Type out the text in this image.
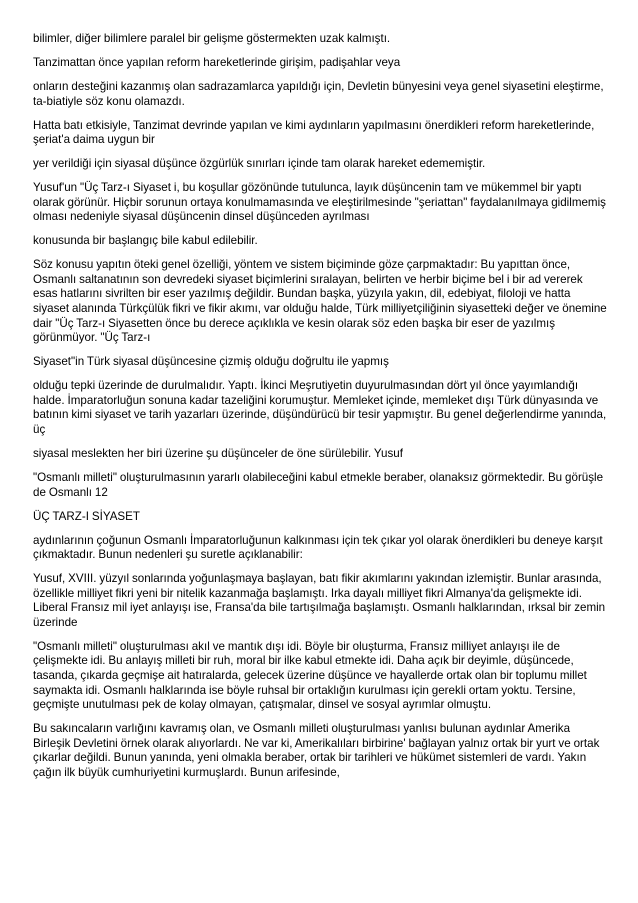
bilimler, diğer bilimlere paralel bir gelişme göstermekten uzak kalmıştı.

Tanzimattan önce yapılan reform hareketlerinde girişim, padişahlar veya

onların desteğini kazanmış olan sadrazamlarca yapıldığı için, Devletin bünyesini veya genel siyasetini eleştirme, ta-biatiyle söz konu olamazdı.

Hatta batı etkisiyle, Tanzimat devrinde yapılan ve kimi aydınların yapılmasını önerdikleri reform hareketlerinde, şeriat'a daima uygun bir

yer verildiği için siyasal düşünce özgürlük sınırları içinde tam olarak hareket edememiştir.

Yusuf'un "Üç Tarz-ı Siyaset i, bu koşullar gözönünde tutulunca, layık düşüncenin tam ve mükemmel bir yaptı olarak görünür. Hiçbir sorunun ortaya konulmamasında ve eleştirilmesinde "şeriattan" faydalanılmaya gidilmemiş olması nedeniyle siyasal düşüncenin dinsel düşünceden ayrılması

konusunda bir başlangıç bile kabul edilebilir.

Söz konusu yapıtın öteki genel özelliği, yöntem ve sistem biçiminde göze çarpmaktadır: Bu yapıttan önce, Osmanlı saltanatının son devredeki siyaset biçimlerini sıralayan, belirten ve herbir biçime bel i bir ad vererek esas hatlarını sivrilten bir eser yazılmış değildir. Bundan başka, yüzyıla yakın, dil, edebiyat, filoloji ve hatta siyaset alanında Türkçülük fikri ve fikir akımı, var olduğu halde, Türk milliyetçiliğinin siyasetteki değer ve önemine dair "Üç Tarz-ı Siyasetten önce bu derece açıklıkla ve kesin olarak söz eden başka bir eser de yazılmış görünmüyor. "Üç Tarz-ı

Siyaset"in Türk siyasal düşüncesine çizmiş olduğu doğrultu ile yapmış

olduğu tepki üzerinde de durulmalıdır. Yaptı. İkinci Meşrutiyetin duyurulmasından dört yıl önce yayımlandığı halde. İmparatorluğun sonuna kadar tazeliğini korumuştur. Memleket içinde, memleket dışı Türk dünyasında ve batının kimi siyaset ve tarih yazarları üzerinde, düşündürücü bir tesir yapmıştır. Bu genel değerlendirme yanında, üç

siyasal meslekten her biri üzerine şu düşünceler de öne sürülebilir. Yusuf

"Osmanlı milleti" oluşturulmasının yararlı olabileceğini kabul etmekle beraber, olanaksız görmektedir. Bu görüşle de Osmanlı 12

ÜÇ TARZ-I SİYASET

aydınlarının çoğunun Osmanlı İmparatorluğunun kalkınması için tek çıkar yol olarak önerdikleri bu deneye karşıt çıkmaktadır. Bunun nedenleri şu suretle açıklanabilir:

Yusuf, XVIII. yüzyıl sonlarında yoğunlaşmaya başlayan, batı fikir akımlarını yakından izlemiştir. Bunlar arasında, özellikle milliyet fikri yeni bir nitelik kazanmağa başlamıştı. Irka dayalı milliyet fikri Almanya'da gelişmekte idi. Liberal Fransız mil iyet anlayışı ise, Fransa'da bile tartışılmağa başlamıştı. Osmanlı halklarından, ırksal bir zemin üzerinde

"Osmanlı milleti" oluşturulması akıl ve mantık dışı idi. Böyle bir oluşturma, Fransız milliyet anlayışı ile de çelişmekte idi. Bu anlayış milleti bir ruh, moral bir ilke kabul etmekte idi. Daha açık bir deyimle, düşüncede, tasanda, çıkarda geçmişe ait hatıralarda, gelecek üzerine düşünce ve hayallerde ortak olan bir toplumu millet saymakta idi. Osmanlı halklarında ise böyle ruhsal bir ortaklığın kurulması için gerekli ortam yoktu. Tersine, geçmişte unutulması pek de kolay olmayan, çatışmalar, dinsel ve sosyal ayrımlar olmuştu.

Bu sakıncaların varlığını kavramış olan, ve Osmanlı milleti oluşturulması yanlısı bulunan aydınlar Amerika Birleşik Devletini örnek olarak alıyorlardı. Ne var ki, Amerikalıları birbirine' bağlayan yalnız ortak bir yurt ve ortak çıkarlar değildi. Bunun yanında, yeni olmakla beraber, ortak bir tarihleri ve hükümet sistemleri de vardı. Yakın çağın ilk büyük cumhuriyetini kurmuşlardı. Bunun arifesinde,
